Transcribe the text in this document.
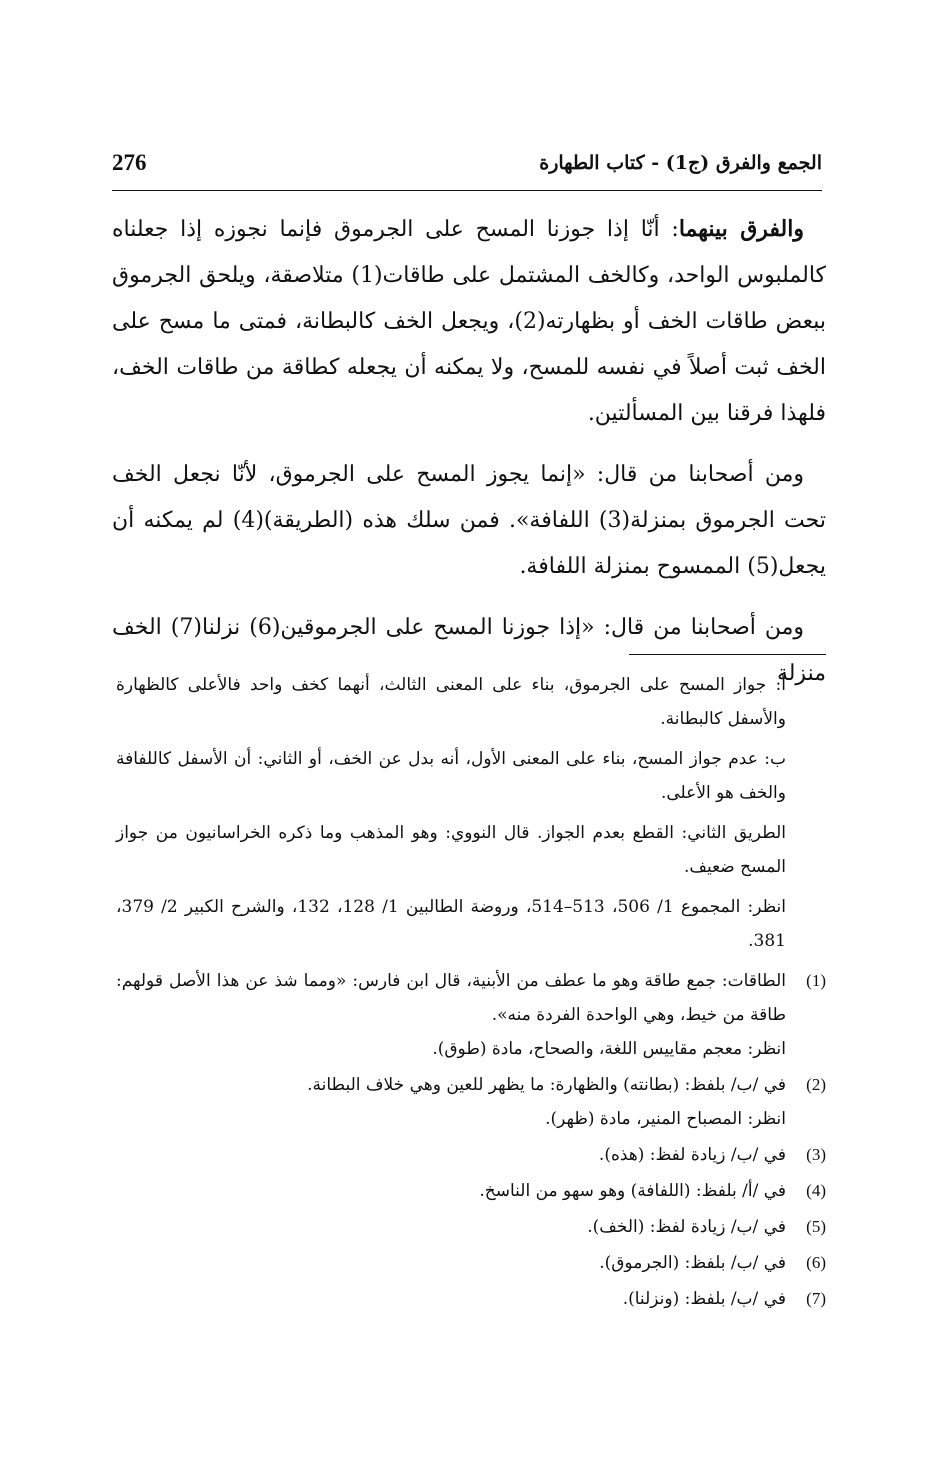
276	الجمع والفرق (ج1) - كتاب الطهارة

والفرق بينهما: أنّا إذا جوزنا المسح على الجرموق فإنما نجوزه إذا جعلناه كالملبوس الواحد، وكالخف المشتمل على طاقات(1) متلاصقة، ويلحق الجرموق ببعض طاقات الخف أو بظهارته(2)، ويجعل الخف كالبطانة، فمتى ما مسح على الخف ثبت أصلاً في نفسه للمسح، ولا يمكنه أن يجعله كطاقة من طاقات الخف، فلهذا فرقنا بين المسألتين.

ومن أصحابنا من قال: «إنما يجوز المسح على الجرموق، لأنّا نجعل الخف تحت الجرموق بمنزلة(3) اللفافة». فمن سلك هذه (الطريقة)(4) لم يمكنه أن يجعل(5) الممسوح بمنزلة اللفافة.

ومن أصحابنا من قال: «إذا جوزنا المسح على الجرموقين(6) نزلنا(7) الخف منزلة

أ: جواز المسح على الجرموق، بناء على المعنى الثالث، أنهما كخف واحد فالأعلى كالظهارة والأسفل كالبطانة.
ب: عدم جواز المسح، بناء على المعنى الأول، أنه بدل عن الخف، أو الثاني: أن الأسفل كاللفافة والخف هو الأعلى.
الطريق الثاني: القطع بعدم الجواز. قال النووي: وهو المذهب وما ذكره الخراسانيون من جواز المسح ضعيف.
انظر: المجموع 1/ 506، 513–514، وروضة الطالبين 1/ 128، 132، والشرح الكبير 2/ 379، 381.
(1)
الطاقات: جمع طاقة وهو ما عطف من الأبنية، قال ابن فارس: «ومما شذ عن هذا الأصل قولهم: طاقة من خيط، وهي الواحدة الفردة منه».
انظر: معجم مقاييس اللغة، والصحاح، مادة (طوق).
(2)
في /ب/ بلفظ: (بطانته) والظهارة: ما يظهر للعين وهي خلاف البطانة.
انظر: المصباح المنير، مادة (ظهر).
(3)
في /ب/ زيادة لفظ: (هذه).
(4)
في /أ/ بلفظ: (اللفافة) وهو سهو من الناسخ.
(5)
في /ب/ زيادة لفظ: (الخف).
(6)
في /ب/ بلفظ: (الجرموق).
(7)
في /ب/ بلفظ: (ونزلنا).
